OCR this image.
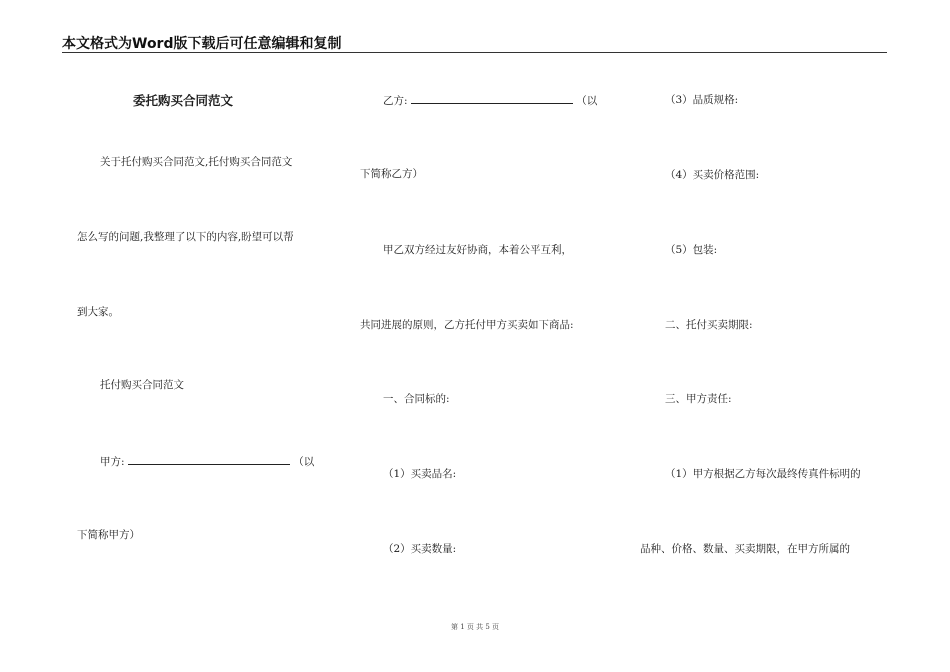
本文格式为Word版下载后可任意编辑和复制
委托购买合同范文
关于托付购买合同范文,托付购买合同范文
怎么写的问题,我整理了以下的内容,盼望可以帮
到大家。
托付购买合同范文
甲方:	（以
下简称甲方）
乙方:	（以
下简称乙方）
甲乙双方经过友好协商，本着公平互利，
共同进展的原则，乙方托付甲方买卖如下商品:
一、合同标的:
（1）买卖品名:
（2）买卖数量:
（3）品质规格:
（4）买卖价格范围:
（5）包装:
二、托付买卖期限:
三、甲方责任:
（1）甲方根据乙方每次最终传真件标明的
品种、价格、数量、买卖期限，在甲方所属的
第 1 页 共 5 页
